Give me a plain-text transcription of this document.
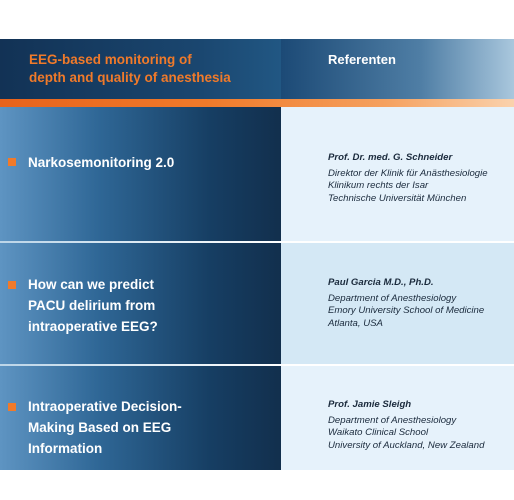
EEG-based monitoring of
depth and quality of anesthesia
Referenten
Narkosemonitoring 2.0	Prof. Dr. med. G. Schneider
Direktor der Klinik für Anästhesiologie
Klinikum rechts der Isar
Technische Universität München
How can we predict
PACU delirium from
intraoperative EEG?
Paul Garcia M.D., Ph.D.
Department of Anesthesiology
Emory University School of Medicine
Atlanta, USA
Intraoperative Decision-
Making Based on EEG
Information
Prof. Jamie Sleigh
Department of Anesthesiology
Waikato Clinical School
University of Auckland, New Zealand
